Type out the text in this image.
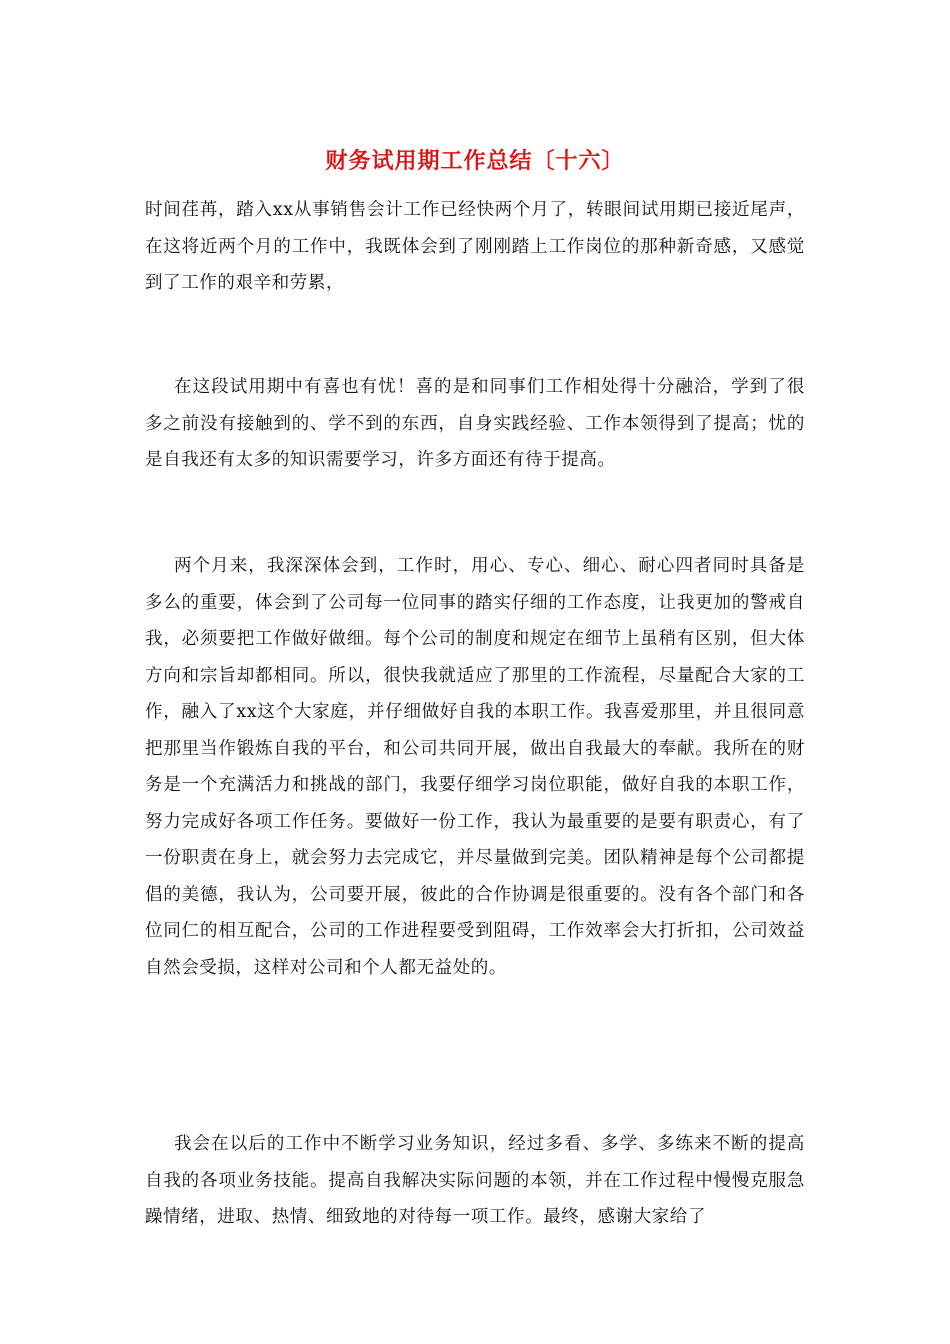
财务试用期工作总结〔十六〕

时间荏苒，踏入xx从事销售会计工作已经快两个月了，转眼间试用期已接近尾声，在这将近两个月的工作中，我既体会到了刚刚踏上工作岗位的那种新奇感，又感觉到了工作的艰辛和劳累，

在这段试用期中有喜也有忧！喜的是和同事们工作相处得十分融洽，学到了很多之前没有接触到的、学不到的东西，自身实践经验、工作本领得到了提高；忧的是自我还有太多的知识需要学习，许多方面还有待于提高。

两个月来，我深深体会到，工作时，用心、专心、细心、耐心四者同时具备是多么的重要，体会到了公司每一位同事的踏实仔细的工作态度，让我更加的警戒自我，必须要把工作做好做细。每个公司的制度和规定在细节上虽稍有区别，但大体方向和宗旨却都相同。所以，很快我就适应了那里的工作流程，尽量配合大家的工作，融入了xx这个大家庭，并仔细做好自我的本职工作。我喜爱那里，并且很同意把那里当作锻炼自我的平台，和公司共同开展，做出自我最大的奉献。我所在的财务是一个充满活力和挑战的部门，我要仔细学习岗位职能，做好自我的本职工作，努力完成好各项工作任务。要做好一份工作，我认为最重要的是要有职责心，有了一份职责在身上，就会努力去完成它，并尽量做到完美。团队精神是每个公司都提倡的美德，我认为，公司要开展，彼此的合作协调是很重要的。没有各个部门和各位同仁的相互配合，公司的工作进程要受到阻碍，工作效率会大打折扣，公司效益自然会受损，这样对公司和个人都无益处的。

我会在以后的工作中不断学习业务知识，经过多看、多学、多练来不断的提高自我的各项业务技能。提高自我解决实际问题的本领，并在工作过程中慢慢克服急躁情绪，进取、热情、细致地的对待每一项工作。最终，感谢大家给了
